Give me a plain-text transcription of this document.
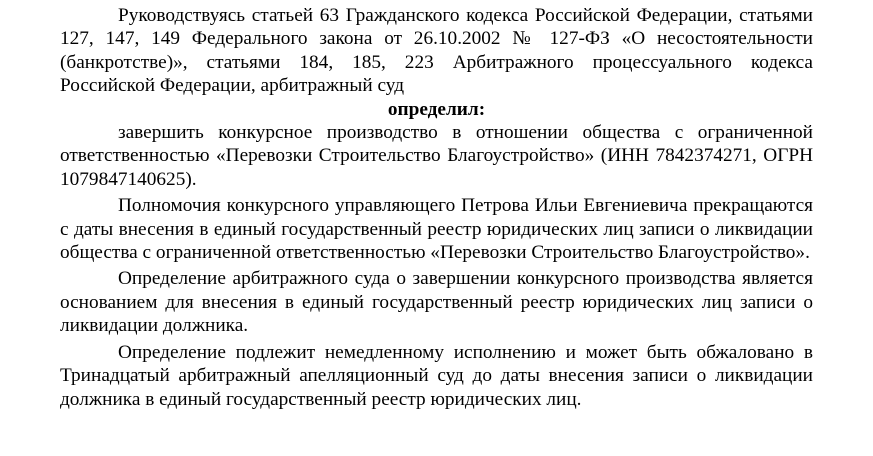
Руководствуясь статьей 63 Гражданского кодекса Российской Федерации, статьями 127, 147, 149 Федерального закона от 26.10.2002 № 127-ФЗ «О несостоятельности (банкротстве)», статьями 184, 185, 223 Арбитражного процессуального кодекса Российской Федерации, арбитражный суд

определил:

завершить конкурсное производство в отношении общества с ограниченной ответственностью «Перевозки Строительство Благоустройство» (ИНН 7842374271, ОГРН 1079847140625).

Полномочия конкурсного управляющего Петрова Ильи Евгениевича прекращаются с даты внесения в единый государственный реестр юридических лиц записи о ликвидации общества с ограниченной ответственностью «Перевозки Строительство Благоустройство».

Определение арбитражного суда о завершении конкурсного производства является основанием для внесения в единый государственный реестр юридических лиц записи о ликвидации должника.

Определение подлежит немедленному исполнению и может быть обжаловано в Тринадцатый арбитражный апелляционный суд до даты внесения записи о ликвидации должника в единый государственный реестр юридических лиц.
